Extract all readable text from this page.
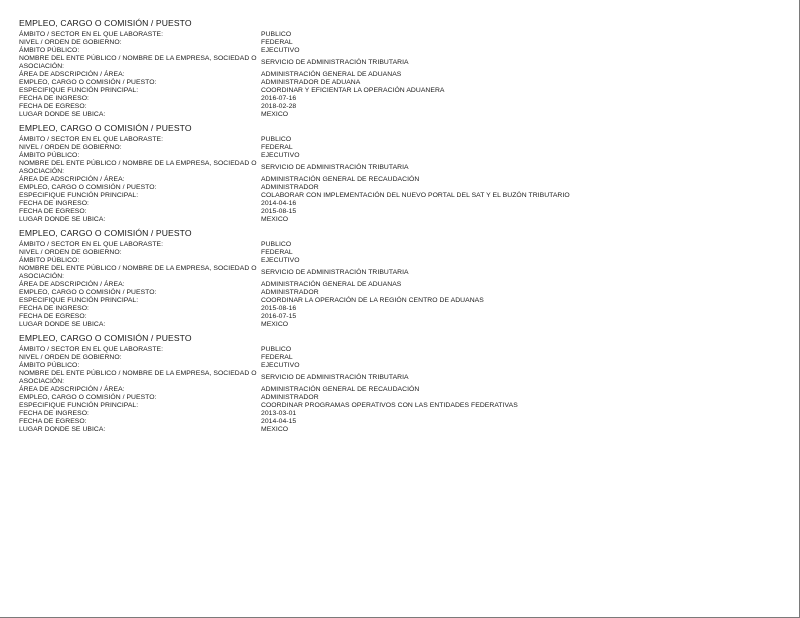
EMPLEO, CARGO O COMISIÓN / PUESTO
ÁMBITO / SECTOR EN EL QUE LABORASTE:	PUBLICO
NIVEL / ORDEN DE GOBIERNO:	FEDERAL
ÁMBITO PÚBLICO:	EJECUTIVO
NOMBRE DEL ENTE PÚBLICO / NOMBRE DE LA EMPRESA, SOCIEDAD O ASOCIACIÓN:
SERVICIO DE ADMINISTRACIÓN TRIBUTARIA
ÁREA DE ADSCRIPCIÓN / ÁREA:	ADMINISTRACIÓN GENERAL DE ADUANAS
EMPLEO, CARGO O COMISIÓN / PUESTO:	ADMINISTRADOR DE ADUANA
ESPECIFIQUE FUNCIÓN PRINCIPAL:	COORDINAR Y EFICIENTAR LA OPERACIÓN ADUANERA
FECHA DE INGRESO:	2016-07-16
FECHA DE EGRESO:	2018-02-28
LUGAR DONDE SE UBICA:	MEXICO
EMPLEO, CARGO O COMISIÓN / PUESTO
ÁMBITO / SECTOR EN EL QUE LABORASTE:	PUBLICO
NIVEL / ORDEN DE GOBIERNO:	FEDERAL
ÁMBITO PÚBLICO:	EJECUTIVO
NOMBRE DEL ENTE PÚBLICO / NOMBRE DE LA EMPRESA, SOCIEDAD O ASOCIACIÓN:
SERVICIO DE ADMINISTRACIÓN TRIBUTARIA
ÁREA DE ADSCRIPCIÓN / ÁREA:	ADMINISTRACIÓN GENERAL DE RECAUDACIÓN
EMPLEO, CARGO O COMISIÓN / PUESTO:	ADMINISTRADOR
ESPECIFIQUE FUNCIÓN PRINCIPAL:	COLABORAR CON IMPLEMENTACIÓN DEL NUEVO PORTAL DEL SAT Y EL BUZÓN TRIBUTARIO
FECHA DE INGRESO:	2014-04-16
FECHA DE EGRESO:	2015-08-15
LUGAR DONDE SE UBICA:	MEXICO
EMPLEO, CARGO O COMISIÓN / PUESTO
ÁMBITO / SECTOR EN EL QUE LABORASTE:	PUBLICO
NIVEL / ORDEN DE GOBIERNO:	FEDERAL
ÁMBITO PÚBLICO:	EJECUTIVO
NOMBRE DEL ENTE PÚBLICO / NOMBRE DE LA EMPRESA, SOCIEDAD O ASOCIACIÓN:
SERVICIO DE ADMINISTRACIÓN TRIBUTARIA
ÁREA DE ADSCRIPCIÓN / ÁREA:	ADMINISTRACIÓN GENERAL DE ADUANAS
EMPLEO, CARGO O COMISIÓN / PUESTO:	ADMINISTRADOR
ESPECIFIQUE FUNCIÓN PRINCIPAL:	COORDINAR LA OPERACIÓN DE LA REGIÓN CENTRO DE ADUANAS
FECHA DE INGRESO:	2015-08-16
FECHA DE EGRESO:	2016-07-15
LUGAR DONDE SE UBICA:	MEXICO
EMPLEO, CARGO O COMISIÓN / PUESTO
ÁMBITO / SECTOR EN EL QUE LABORASTE:	PUBLICO
NIVEL / ORDEN DE GOBIERNO:	FEDERAL
ÁMBITO PÚBLICO:	EJECUTIVO
NOMBRE DEL ENTE PÚBLICO / NOMBRE DE LA EMPRESA, SOCIEDAD O ASOCIACIÓN:
SERVICIO DE ADMINISTRACIÓN TRIBUTARIA
ÁREA DE ADSCRIPCIÓN / ÁREA:	ADMINISTRACIÓN GENERAL DE RECAUDACIÓN
EMPLEO, CARGO O COMISIÓN / PUESTO:	ADMINISTRADOR
ESPECIFIQUE FUNCIÓN PRINCIPAL:	COORDINAR PROGRAMAS OPERATIVOS CON LAS ENTIDADES FEDERATIVAS
FECHA DE INGRESO:	2013-03-01
FECHA DE EGRESO:	2014-04-15
LUGAR DONDE SE UBICA:	MEXICO
